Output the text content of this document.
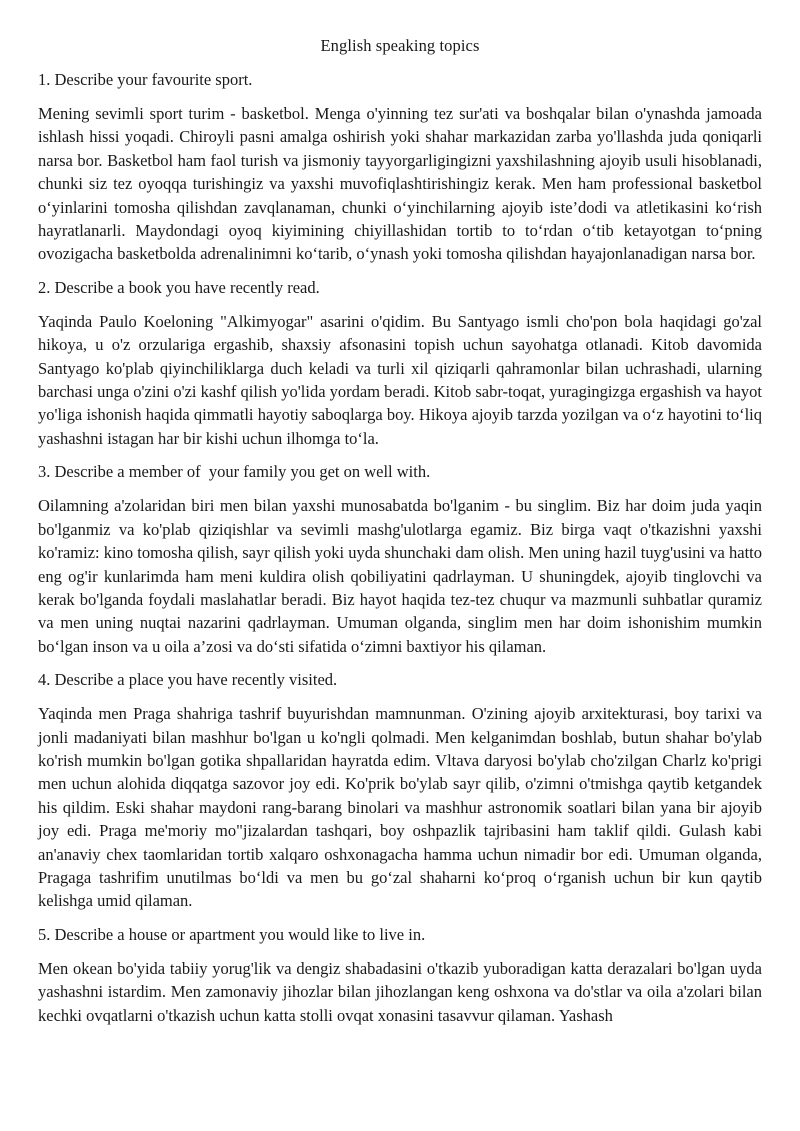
English speaking topics

1. Describe your favourite sport.

Mening sevimli sport turim - basketbol. Menga o'yinning tez sur'ati va boshqalar bilan o'ynashda jamoada ishlash hissi yoqadi. Chiroyli pasni amalga oshirish yoki shahar markazidan zarba yo'llashda juda qoniqarli narsa bor. Basketbol ham faol turish va jismoniy tayyorgarligingizni yaxshilashning ajoyib usuli hisoblanadi, chunki siz tez oyoqqa turishingiz va yaxshi muvofiqlashtirishingiz kerak. Men ham professional basketbol o‘yinlarini tomosha qilishdan zavqlanaman, chunki o‘yinchilarning ajoyib iste’dodi va atletikasini ko‘rish hayratlanarli. Maydondagi oyoq kiyimining chiyillashidan tortib to to‘rdan o‘tib ketayotgan to‘pning ovozigacha basketbolda adrenalinimni ko‘tarib, o‘ynash yoki tomosha qilishdan hayajonlanadigan narsa bor.

2. Describe a book you have recently read.

Yaqinda Paulo Koeloning "Alkimyogar" asarini o'qidim. Bu Santyago ismli cho'pon bola haqidagi go'zal hikoya, u o'z orzulariga ergashib, shaxsiy afsonasini topish uchun sayohatga otlanadi. Kitob davomida Santyago ko'plab qiyinchiliklarga duch keladi va turli xil qiziqarli qahramonlar bilan uchrashadi, ularning barchasi unga o'zini o'zi kashf qilish yo'lida yordam beradi. Kitob sabr-toqat, yuragingizga ergashish va hayot yo'liga ishonish haqida qimmatli hayotiy saboqlarga boy. Hikoya ajoyib tarzda yozilgan va o‘z hayotini to‘liq yashashni istagan har bir kishi uchun ilhomga to‘la.

3. Describe a member of  your family you get on well with.

Oilamning a'zolaridan biri men bilan yaxshi munosabatda bo'lganim - bu singlim. Biz har doim juda yaqin bo'lganmiz va ko'plab qiziqishlar va sevimli mashg'ulotlarga egamiz. Biz birga vaqt o'tkazishni yaxshi ko'ramiz: kino tomosha qilish, sayr qilish yoki uyda shunchaki dam olish. Men uning hazil tuyg'usini va hatto eng og'ir kunlarimda ham meni kuldira olish qobiliyatini qadrlayman. U shuningdek, ajoyib tinglovchi va kerak bo'lganda foydali maslahatlar beradi. Biz hayot haqida tez-tez chuqur va mazmunli suhbatlar quramiz va men uning nuqtai nazarini qadrlayman. Umuman olganda, singlim men har doim ishonishim mumkin bo‘lgan inson va u oila a’zosi va do‘sti sifatida o‘zimni baxtiyor his qilaman.

4. Describe a place you have recently visited.

Yaqinda men Praga shahriga tashrif buyurishdan mamnunman. O'zining ajoyib arxitekturasi, boy tarixi va jonli madaniyati bilan mashhur bo'lgan u ko'ngli qolmadi. Men kelganimdan boshlab, butun shahar bo'ylab ko'rish mumkin bo'lgan gotika shpallaridan hayratda edim. Vltava daryosi bo'ylab cho'zilgan Charlz ko'prigi men uchun alohida diqqatga sazovor joy edi. Ko'prik bo'ylab sayr qilib, o'zimni o'tmishga qaytib ketgandek his qildim. Eski shahar maydoni rang-barang binolari va mashhur astronomik soatlari bilan yana bir ajoyib joy edi. Praga me'moriy mo"jizalardan tashqari, boy oshpazlik tajribasini ham taklif qildi. Gulash kabi an'anaviy chex taomlaridan tortib xalqaro oshxonagacha hamma uchun nimadir bor edi. Umuman olganda, Pragaga tashrifim unutilmas bo‘ldi va men bu go‘zal shaharni ko‘proq o‘rganish uchun bir kun qaytib kelishga umid qilaman.

5. Describe a house or apartment you would like to live in.

Men okean bo'yida tabiiy yorug'lik va dengiz shabadasini o'tkazib yuboradigan katta derazalari bo'lgan uyda yashashni istardim. Men zamonaviy jihozlar bilan jihozlangan keng oshxona va do'stlar va oila a'zolari bilan kechki ovqatlarni o'tkazish uchun katta stolli ovqat xonasini tasavvur qilaman. Yashash
